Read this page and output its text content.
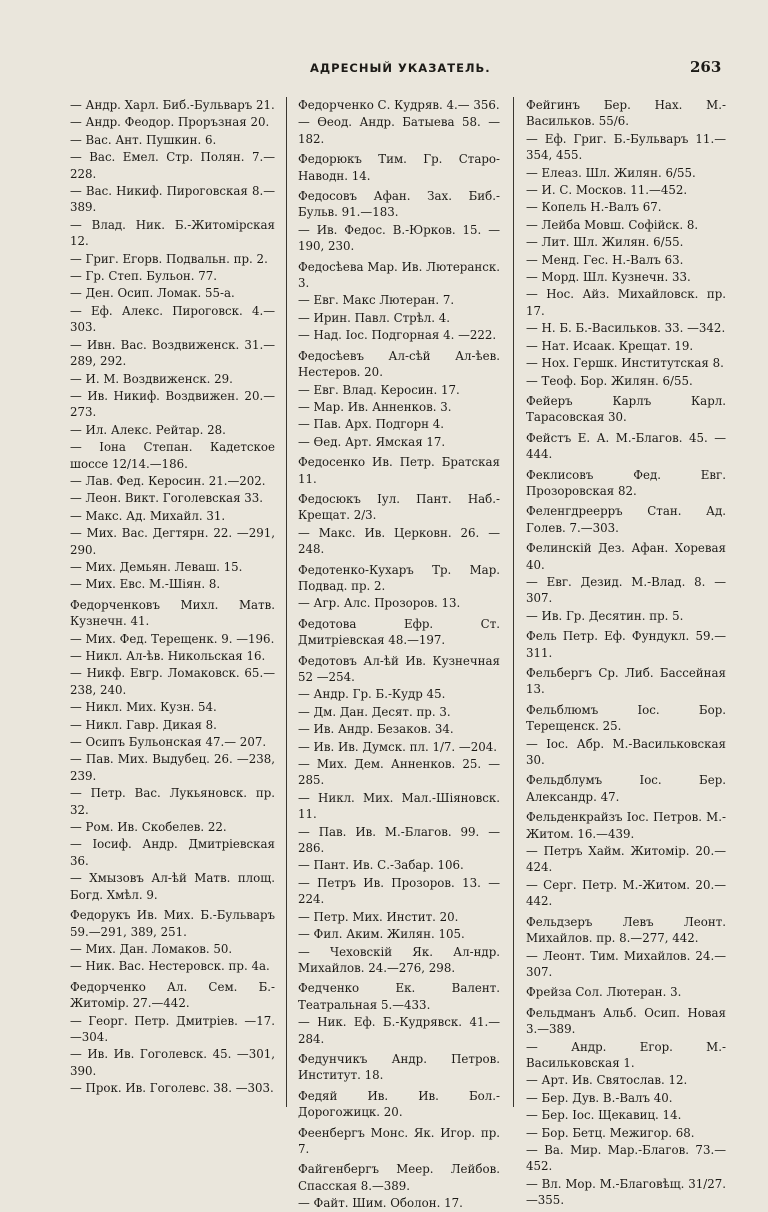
АДРЕСНЫЙ УКАЗАТЕЛЬ.	263
— Андр. Харл. Биб.-Бульваръ 21.
— Андр. Феодор. Проръзная 20.
— Вас. Ант. Пушкин. 6.
— Вас. Емел. Стр. Полян. 7.—228.
— Вас. Никиф. Пироговская 8.—389.
— Влад. Ник. Б.-Житомірская 12.
— Григ. Егорв. Подвальн. пр. 2.
— Гр. Степ. Бульон. 77.
— Ден. Осип. Ломак. 55-а.
— Еф. Алекс. Пироговск. 4.—303.
— Ивн. Вас. Воздвиженск. 31.—289, 292.
— И. М. Воздвиженск. 29.
— Ив. Никиф. Воздвижен. 20.—273.
— Ил. Алекс. Рейтар. 28.
— Іона Степан. Кадетское шоссе 12/14.—186.
— Лав. Фед. Керосин. 21.—202.
— Леон. Викт. Гоголевская 33.
— Макс. Ад. Михайл. 31.
— Мих. Вас. Дегтярн. 22. —291, 290.
— Мих. Демьян. Леваш. 15.
— Мих. Евс. М.-Шіян. 8.
Федорченковъ Михл. Матв. Кузнечн. 41.
— Мих. Фед. Терещенк. 9. —196.
— Никл. Ал-ѣв. Никольская 16.
— Никф. Евгр. Ломаковск. 65.—238, 240.
— Никл. Мих. Кузн. 54.
— Никл. Гавр. Дикая 8.
— Осипъ Бульонская 47.— 207.
— Пав. Мих. Выдубец. 26. —238, 239.
— Петр. Вас. Лукьяновск. пр. 32.
— Ром. Ив. Скобелев. 22.
— Іосиф. Андр. Дмитріевская 36.
— Хмызовъ Ал-ѣй Матв. площ. Богд. Хмѣл. 9.
Федорукъ Ив. Мих. Б.-Бульваръ 59.—291, 389, 251.
— Мих. Дан. Ломаков. 50.
— Ник. Вас. Нестеровск. пр. 4а.
Федорченко Ал. Сем. Б.-Житомір. 27.—442.
— Георг. Петр. Дмитріев. —17.—304.
— Ив. Ив. Гоголевск. 45. —301, 390.
— Прок. Ив. Гоголевс. 38. —303.
Федорченко С. Кудряв. 4.— 356.
— Ѳеод. Андр. Батыева 58. —182.
Федорюкъ Тим. Гр. Старо-Наводн. 14.
Федосовъ Афан. Зах. Биб.-Бульв. 91.—183.
— Ив. Федос. В.-Юрков. 15. —190, 230.
Федосѣева Мар. Ив. Лютеранск. 3.
— Евг. Макс Лютеран. 7.
— Ирин. Павл. Стрѣл. 4.
— Над. Іос. Подгорная 4. —222.
Федосѣевъ Ал-сѣй Ал-ѣев. Нестеров. 20.
— Евг. Влад. Керосин. 17.
— Мар. Ив. Анненков. 3.
— Пав. Арх. Подгорн 4.
— Ѳед. Арт. Ямская 17.
Федосенко Ив. Петр. Братская 11.
Федосюкъ Іул. Пант. Наб.-Крещат. 2/3.
— Макс. Ив. Церковн. 26. —248.
Федотенко-Кухаръ Тр. Мар. Подвад. пр. 2.
— Агр. Алс. Прозоров. 13.
Федотова Ефр. Ст. Дмитріевская 48.—197.
Федотовъ Ал-ѣй Ив. Кузнечная 52 —254.
— Андр. Гр. Б.-Кудр 45.
— Дм. Дан. Десят. пр. 3.
— Ив. Андр. Безаков. 34.
— Ив. Ив. Думск. пл. 1/7. —204.
— Мих. Дем. Анненков. 25. —285.
— Никл. Мих. Мал.-Шіяновск. 11.
— Пав. Ив. М.-Благов. 99. —286.
— Пант. Ив. С.-Забар. 106.
— Петръ Ив. Прозоров. 13. —224.
— Петр. Мих. Инстит. 20.
— Фил. Аким. Жилян. 105.
— Чеховскій Як. Ал-ндр. Михайлов. 24.—276, 298.
Федченко Ек. Валент. Театральная 5.—433.
— Ник. Еф. Б.-Кудрявск. 41.—284.
Федунчикъ Андр. Петров. Институт. 18.
Федяй Ив. Ив. Бол.-Дорогожицк. 20.
Феенбергъ Монс. Як. Игор. пр. 7.
Файгенбергъ Меер. Лейбов. Спасская 8.—389.
— Файт. Шим. Оболон. 17.
Фейгинъ Бер. Нах. М.-Васильков. 55/6.
— Еф. Григ. Б.-Бульваръ 11.—354, 455.
— Елеаз. Шл. Жилян. 6/55.
— И. С. Москов. 11.—452.
— Копель Н.-Валъ 67.
— Лейба Мовш. Софійск. 8.
— Лит. Шл. Жилян. 6/55.
— Менд. Гес. Н.-Валъ 63.
— Морд. Шл. Кузнечн. 33.
— Нос. Айз. Михайловск. пр. 17.
— Н. Б. Б.-Васильков. 33. —342.
— Нат. Исаак. Крещат. 19.
— Нох. Гершк. Институтская 8.
— Теоф. Бор. Жилян. 6/55.
Фейеръ Карлъ Карл. Тарасовская 30.
Фейстъ Е. А. М.-Благов. 45. —444.
Феклисовъ Фед. Евг. Прозоровская 82.
Феленгдреерръ Стан. Ад. Голев. 7.—303.
Фелинскій Дез. Афан. Хоревая 40.
— Евг. Дезид. М.-Влад. 8. —307.
— Ив. Гр. Десятин. пр. 5.
Фель Петр. Еф. Фундукл. 59.—311.
Фельбергъ Ср. Либ. Бассейная 13.
Фельблюмъ Іос. Бор. Терещенск. 25.
— Іос. Абр. М.-Васильковская 30.
Фельдблумъ Іос. Бер. Александр. 47.
Фельденкрайзъ Іос. Петров. М.-Житом. 16.—439.
— Петръ Хайм. Житомір. 20.—424.
— Серг. Петр. М.-Житом. 20.—442.
Фельдзеръ Левъ Леонт. Михайлов. пр. 8.—277, 442.
— Леонт. Тим. Михайлов. 24.—307.
Фрейза Сол. Лютеран. 3.
Фельдманъ Альб. Осип. Новая 3.—389.
— Андр. Егор. М.-Васильковская 1.
— Арт. Ив. Святослав. 12.
— Бер. Дув. В.-Валъ 40.
— Бер. Іос. Щекавиц. 14.
— Бор. Бетц. Межигор. 68.
— Ва. Мир. Мар.-Благов. 73.—452.
— Вл. Мор. М.-Благовѣщ. 31/27.—355.
